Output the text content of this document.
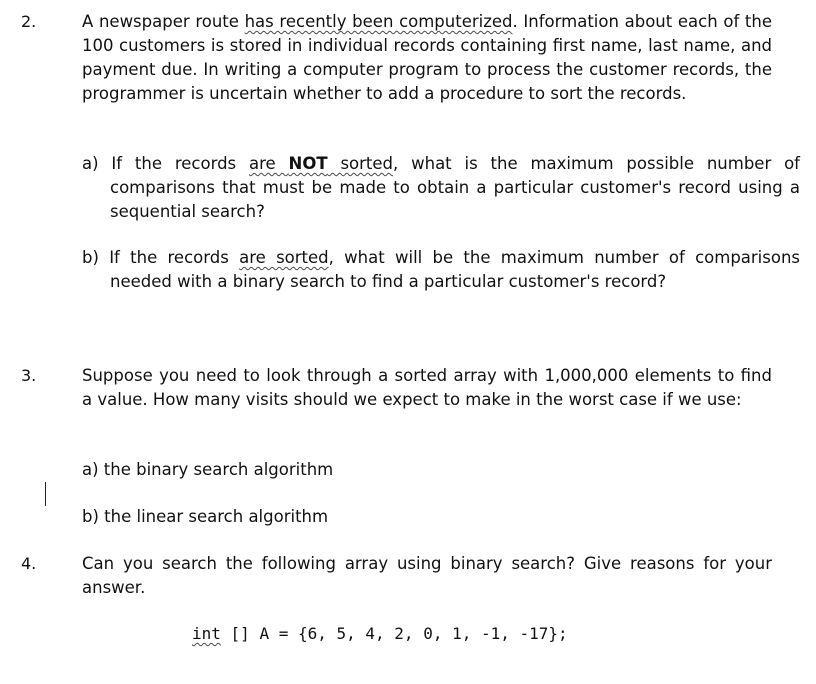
2.	A newspaper route has recently been computerized. Information about each of the 100 customers is stored in individual records containing first name, last name, and payment due. In writing a computer program to process the customer records, the programmer is uncertain whether to add a procedure to sort the records.

a) If the records are NOT sorted, what is the maximum possible number of comparisons that must be made to obtain a particular customer's record using a sequential search?

b) If the records are sorted, what will be the maximum number of comparisons needed with a binary search to find a particular customer's record?

3.	Suppose you need to look through a sorted array with 1,000,000 elements to find a value. How many visits should we expect to make in the worst case if we use:

a) the binary search algorithm

b) the linear search algorithm

4.	Can you search the following array using binary search? Give reasons for your answer.

int [] A = {6, 5, 4, 2, 0, 1, -1, -17};
